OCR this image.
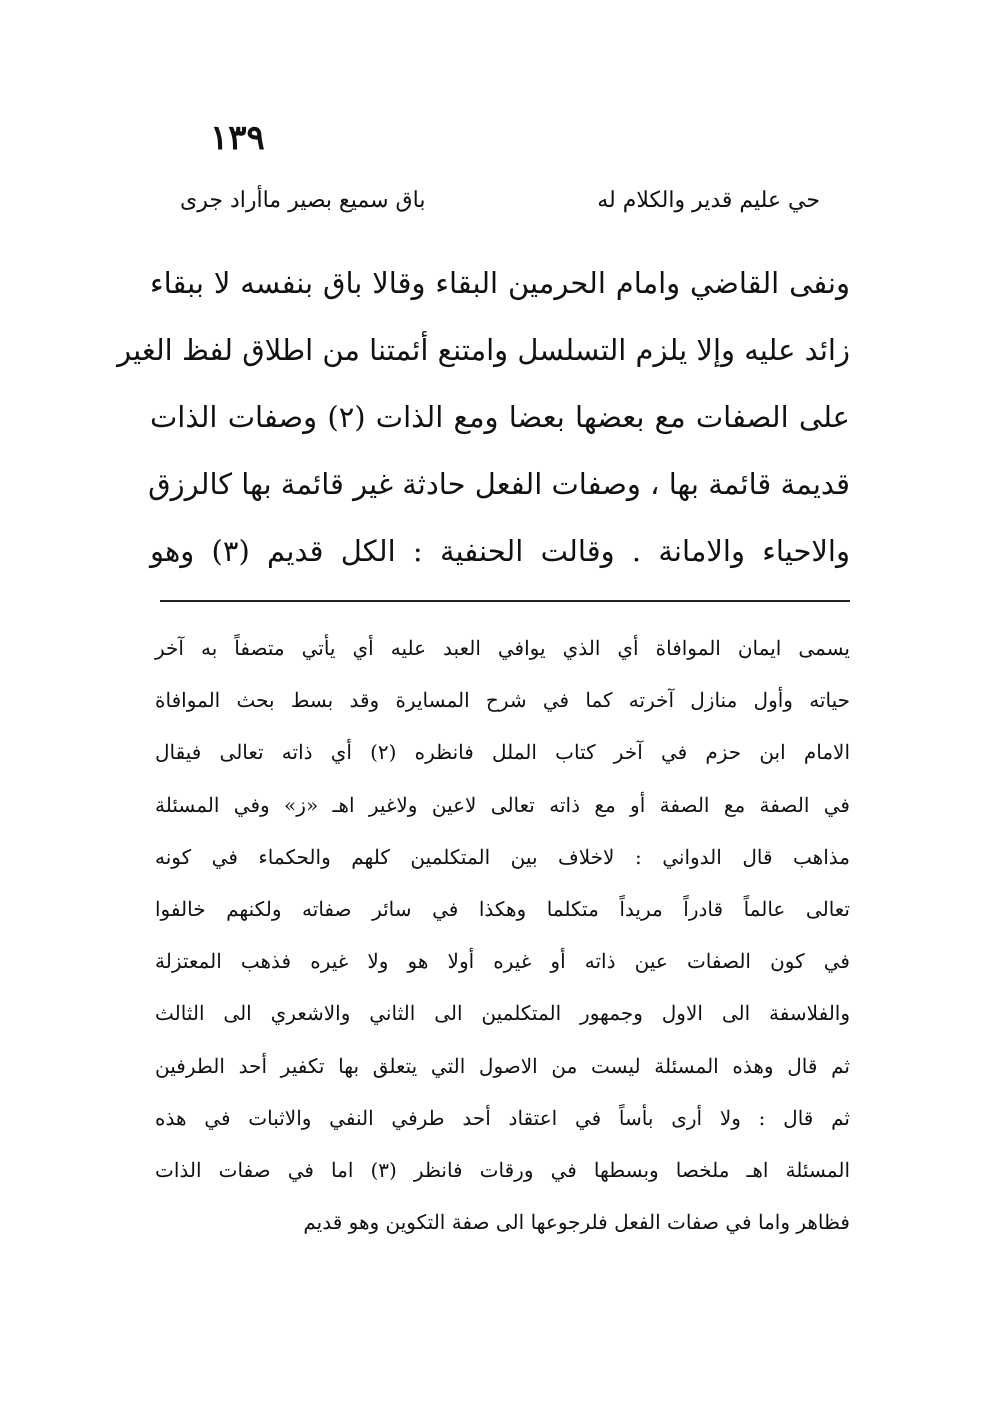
١٣٩
حي عليم قدير والكلام له
باق سميع بصير ماأراد جرى
ونفى القاضي وامام الحرمين البقاء وقالا باق بنفسه لا ببقاء
زائد عليه وإلا يلزم التسلسل وامتنع أئمتنا من اطلاق لفظ الغير
على الصفات مع بعضها بعضا ومع الذات (٢) وصفات الذات
قديمة قائمة بها ، وصفات الفعل حادثة غير قائمة بها كالرزق
والاحياء والامانة . وقالت الحنفية : الكل قديم (٣) وهو
يسمى ايمان الموافاة أي الذي يوافي العبد عليه أي يأتي متصفاً به آخر
حياته وأول منازل آخرته كما في شرح المسايرة وقد بسط بحث الموافاة
الامام ابن حزم في آخر كتاب الملل فانظره (٢) أي ذاته تعالى فيقال
في الصفة مع الصفة أو مع ذاته تعالى لاعين ولاغير اهـ «ز» وفي المسئلة
مذاهب قال الدواني : لاخلاف بين المتكلمين كلهم والحكماء في كونه
تعالى عالماً قادراً مريداً متكلما وهكذا في سائر صفاته ولكنهم خالفوا
في كون الصفات عين ذاته أو غيره أولا هو ولا غيره فذهب المعتزلة
والفلاسفة الى الاول وجمهور المتكلمين الى الثاني والاشعري الى الثالث
ثم قال وهذه المسئلة ليست من الاصول التي يتعلق بها تكفير أحد الطرفين
ثم قال : ولا أرى بأساً في اعتقاد أحد طرفي النفي والاثبات في هذه
المسئلة اهـ ملخصا وبسطها في ورقات فانظر (٣) اما في صفات الذات
فظاهر واما في صفات الفعل فلرجوعها الى صفة التكوين وهو قديم
